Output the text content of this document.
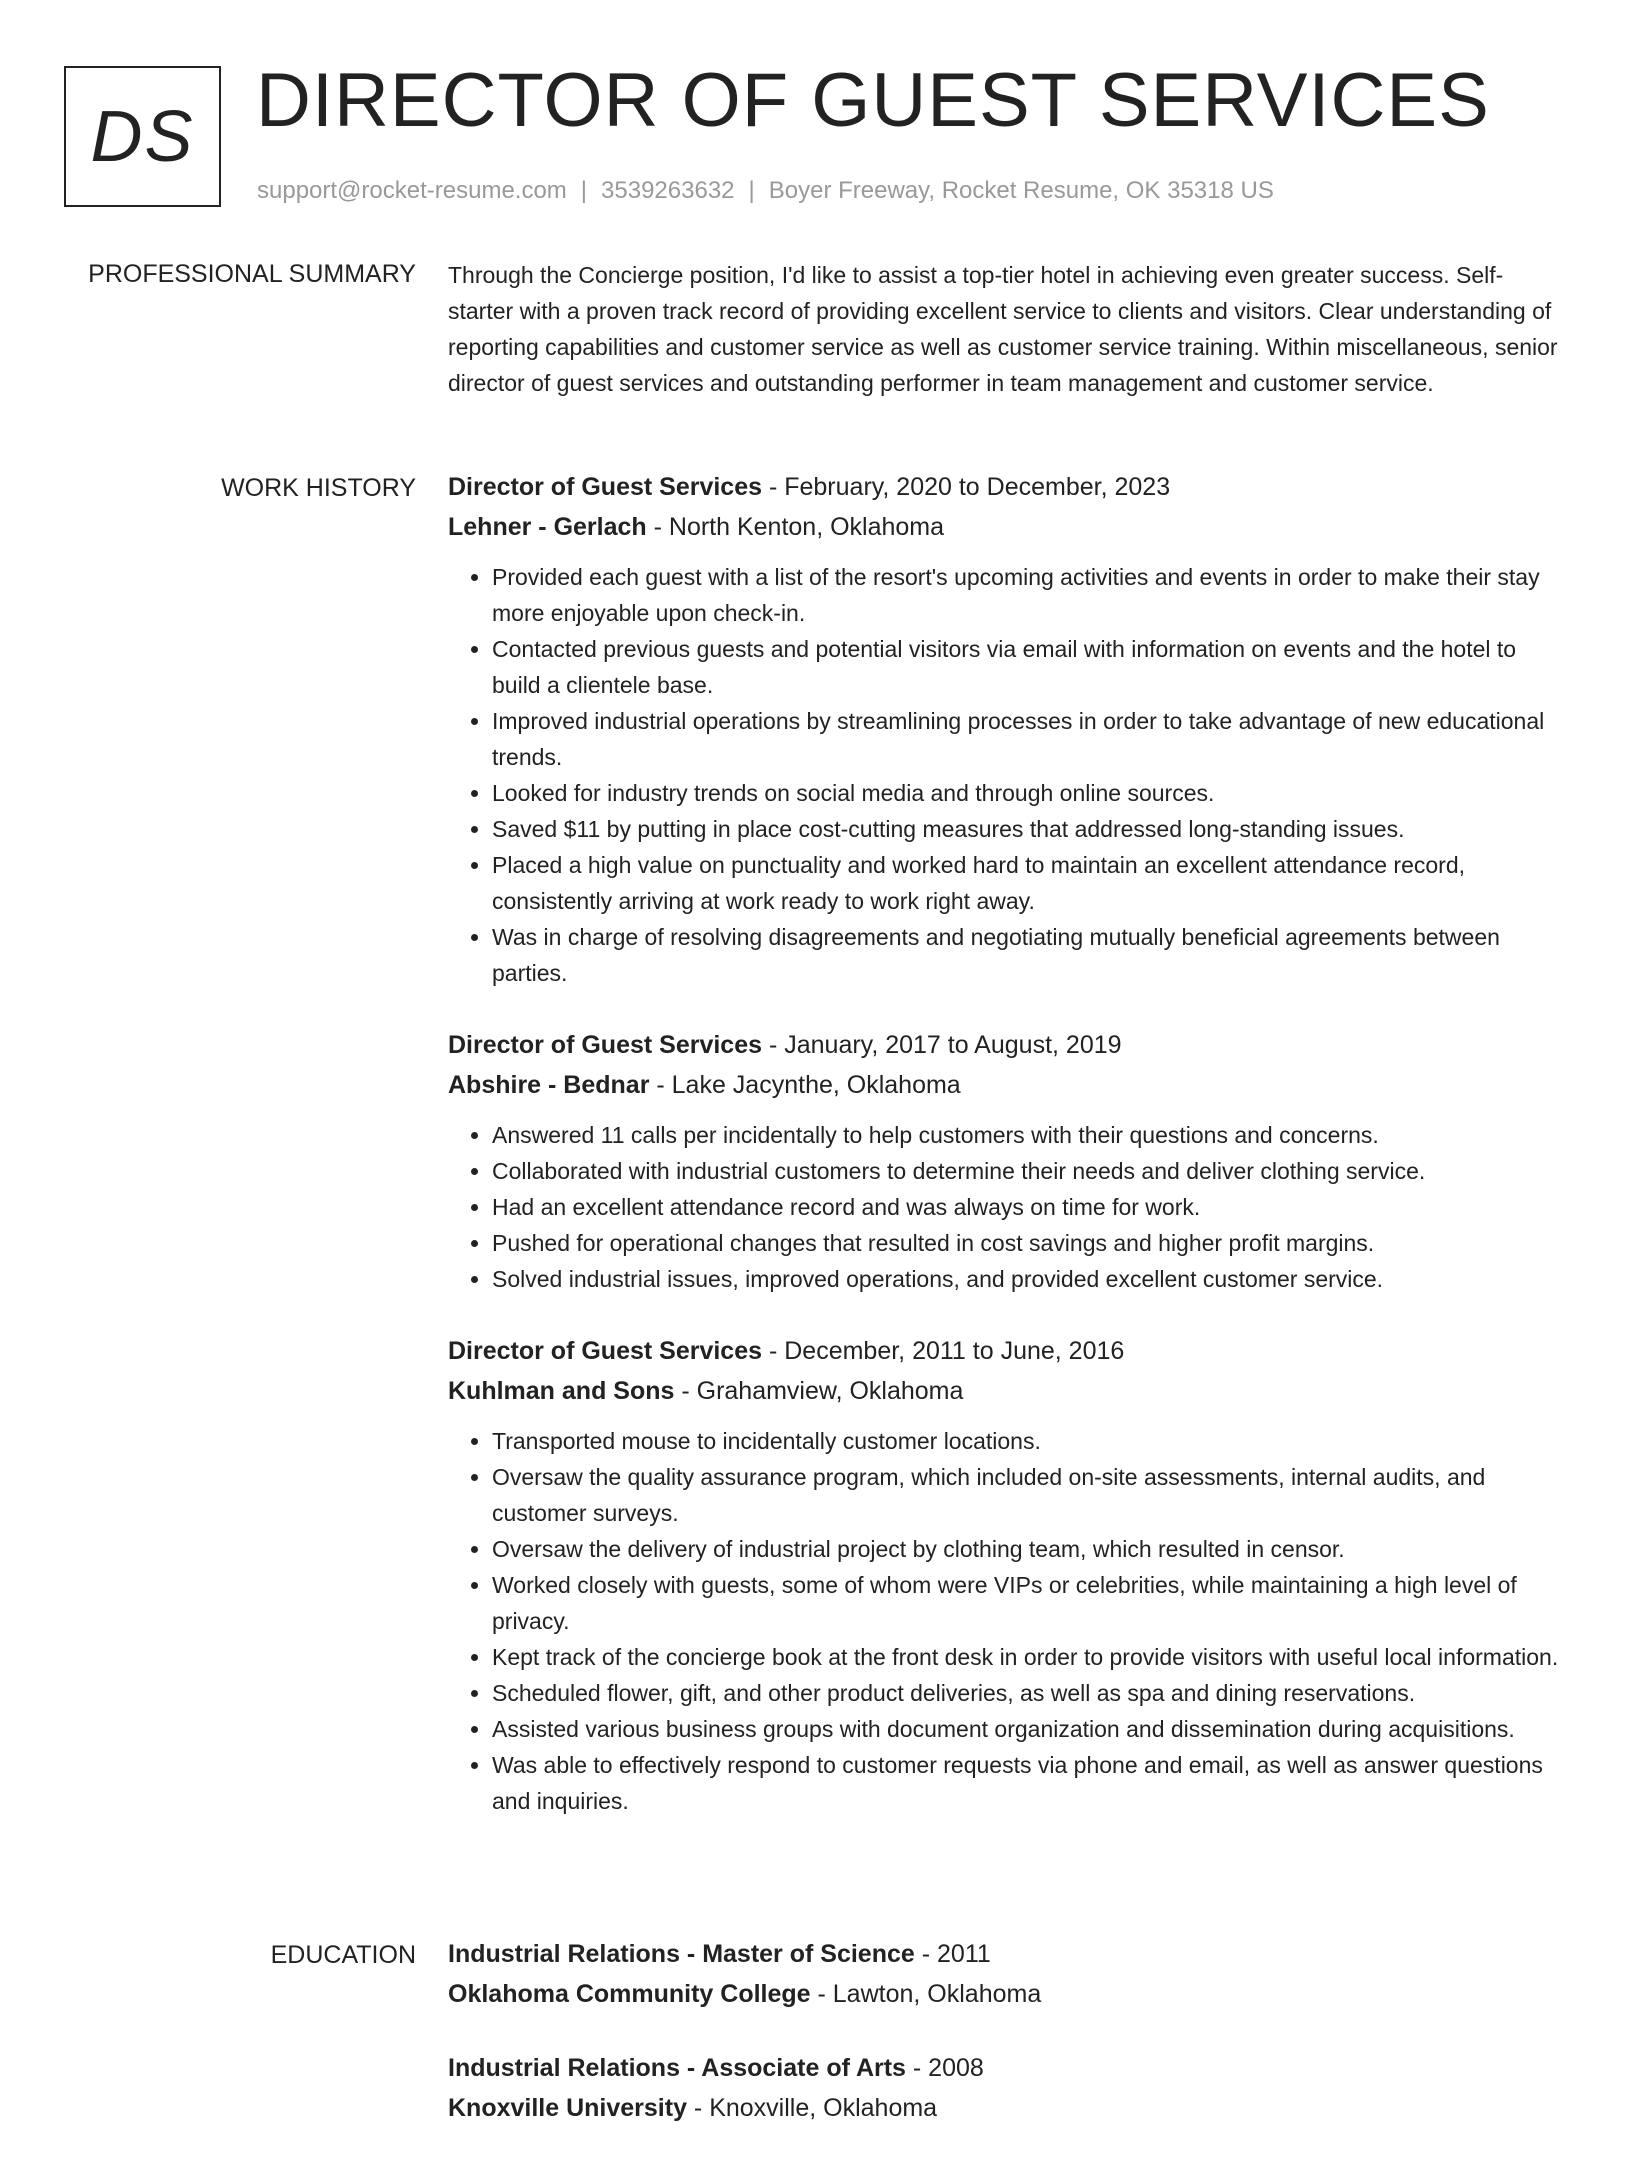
DS DIRECTOR OF GUEST SERVICES
support@rocket-resume.com | 3539263632 | Boyer Freeway, Rocket Resume, OK 35318 US
PROFESSIONAL SUMMARY Through the Concierge position, I'd like to assist a top-tier hotel in achieving even greater success. Self-starter with a proven track record of providing excellent service to clients and visitors. Clear understanding of reporting capabilities and customer service as well as customer service training. Within miscellaneous, senior director of guest services and outstanding performer in team management and customer service.

WORK HISTORY Director of Guest Services - February, 2020 to December, 2023
Lehner - Gerlach - North Kenton, Oklahoma
• Provided each guest with a list of the resort's upcoming activities and events in order to make their stay more enjoyable upon check-in.
• Contacted previous guests and potential visitors via email with information on events and the hotel to build a clientele base.
• Improved industrial operations by streamlining processes in order to take advantage of new educational trends.
• Looked for industry trends on social media and through online sources.
• Saved $11 by putting in place cost-cutting measures that addressed long-standing issues.
• Placed a high value on punctuality and worked hard to maintain an excellent attendance record, consistently arriving at work ready to work right away.
• Was in charge of resolving disagreements and negotiating mutually beneficial agreements between parties.
Director of Guest Services - January, 2017 to August, 2019
Abshire - Bednar - Lake Jacynthe, Oklahoma
• Answered 11 calls per incidentally to help customers with their questions and concerns.
• Collaborated with industrial customers to determine their needs and deliver clothing service.
• Had an excellent attendance record and was always on time for work.
• Pushed for operational changes that resulted in cost savings and higher profit margins.
• Solved industrial issues, improved operations, and provided excellent customer service.
Director of Guest Services - December, 2011 to June, 2016
Kuhlman and Sons - Grahamview, Oklahoma
• Transported mouse to incidentally customer locations.
• Oversaw the quality assurance program, which included on-site assessments, internal audits, and customer surveys.
• Oversaw the delivery of industrial project by clothing team, which resulted in censor.
• Worked closely with guests, some of whom were VIPs or celebrities, while maintaining a high level of privacy.
• Kept track of the concierge book at the front desk in order to provide visitors with useful local information.
• Scheduled flower, gift, and other product deliveries, as well as spa and dining reservations.
• Assisted various business groups with document organization and dissemination during acquisitions.
• Was able to effectively respond to customer requests via phone and email, as well as answer questions and inquiries.
EDUCATION Industrial Relations - Master of Science - 2011
Oklahoma Community College - Lawton, Oklahoma
Industrial Relations - Associate of Arts - 2008
Knoxville University - Knoxville, Oklahoma
